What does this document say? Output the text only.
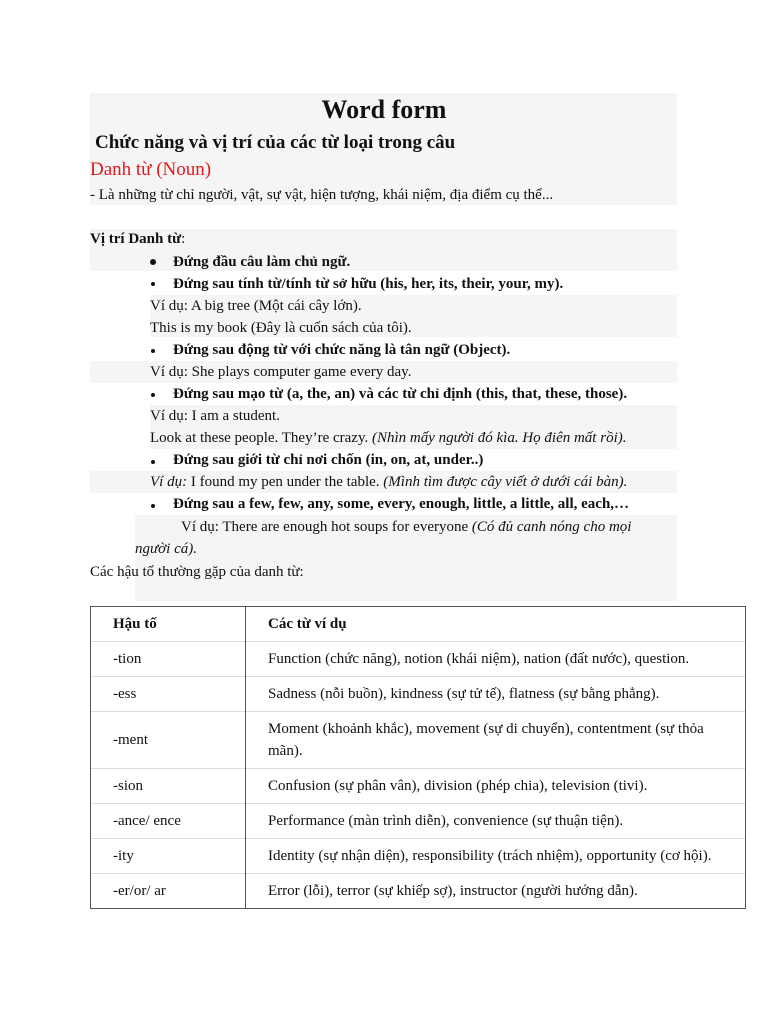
Word form
Chức năng và vị trí của các từ loại trong câu
Danh từ (Noun)
- Là những từ chỉ người, vật, sự vật, hiện tượng, khái niệm, địa điểm cụ thể...
Vị trí Danh từ:
Đứng đầu câu làm chủ ngữ.
Đứng sau tính từ/tính từ sở hữu (his, her, its, their, your, my).
Ví dụ: A big tree (Một cái cây lớn).
This is my book (Đây là cuốn sách của tôi).
Đứng sau động từ với chức năng là tân ngữ (Object).
Ví dụ: She plays computer game every day.
Đứng sau mạo từ (a, the, an) và các từ chỉ định (this, that, these, those).
Ví dụ: I am a student.
Look at these people. They’re crazy. (Nhìn mấy người đó kìa. Họ điên mất rồi).
Đứng sau giới từ chỉ nơi chốn (in, on, at, under..)
Ví dụ: I found my pen under the table. (Mình tìm được cây viết ở dưới cái bàn).
Đứng sau a few, few, any, some, every, enough, little, a little, all, each,…
Ví dụ: There are enough hot soups for everyone (Có đủ canh nóng cho mọi
người cá).
Các hậu tố thường gặp của danh từ:
Hậu tố	Các từ ví dụ
-tion	Function (chức năng), notion (khái niệm), nation (đất nước), question.
-ess	Sadness (nỗi buồn), kindness (sự tử tế), flatness (sự bằng phẳng).
-ment	Moment (khoảnh khắc), movement (sự di chuyển), contentment (sự thỏa mãn).
-sion	Confusion (sự phân vân), division (phép chia), television (tivi).
-ance/ ence	Performance (màn trình diễn), convenience (sự thuận tiện).
-ity	Identity (sự nhận diện), responsibility (trách nhiệm), opportunity (cơ hội).
-er/or/ ar	Error (lỗi), terror (sự khiếp sợ), instructor (người hướng dẫn).
